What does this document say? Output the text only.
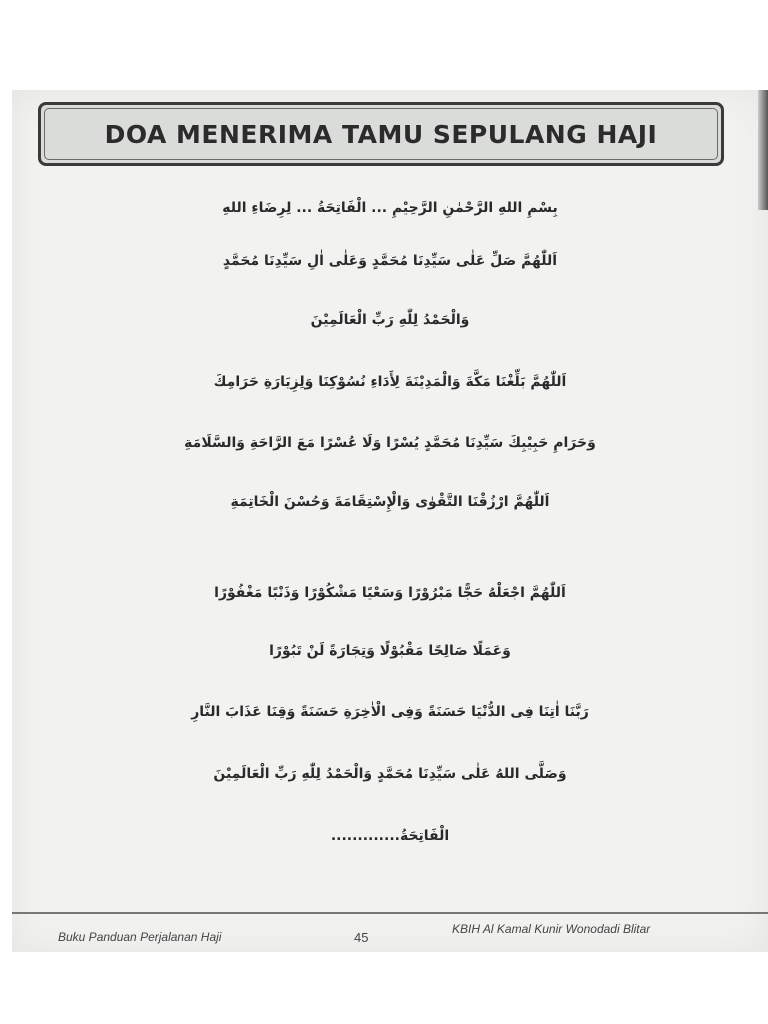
DOA MENERIMA TAMU SEPULANG HAJI
بِسْمِ اللهِ الرَّحْمٰنِ الرَّحِيْمِ ... الْفَاتِحَةُ ... لِرِضَاءِ اللهِ
اَللّٰهُمَّ صَلِّ عَلٰى سَيِّدِنَا مُحَمَّدٍ وَعَلٰى اٰلِ سَيِّدِنَا مُحَمَّدٍ
وَالْحَمْدُ لِلّٰهِ رَبِّ الْعَالَمِيْنَ
اَللّٰهُمَّ بَلِّغْنَا مَكَّةَ وَالْمَدِيْنَةَ لِأَدَاءِ نُسُوْكِنَا وَلِزِيَارَةِ حَرَامِكَ
وَحَرَامِ حَبِيْبِكَ سَيِّدِنَا مُحَمَّدٍ يُسْرًا وَلَا عُسْرًا مَعَ الرَّاحَةِ وَالسَّلَامَةِ
اَللّٰهُمَّ ارْزُقْنَا التَّقْوٰى وَالْإِسْتِقَامَةَ وَحُسْنَ الْخَاتِمَةِ
اَللّٰهُمَّ اجْعَلْهُ حَجًّا مَبْرُوْرًا وَسَعْيًا مَشْكُوْرًا وَذَنْبًا مَغْفُوْرًا
وَعَمَلًا صَالِحًا مَقْبُوْلًا وَتِجَارَةً لَنْ تَبُوْرًا
رَبَّنَا اٰتِنَا فِى الدُّنْيَا حَسَنَةً وَفِى الْاٰخِرَةِ حَسَنَةً وَقِنَا عَذَابَ النَّارِ
وَصَلَّى اللهُ عَلٰى سَيِّدِنَا مُحَمَّدٍ وَالْحَمْدُ لِلّٰهِ رَبِّ الْعَالَمِيْنَ
الْفَاتِحَةُ.............
Buku Panduan Perjalanan Haji	45
KBIH Al Kamal Kunir Wonodadi Blitar
